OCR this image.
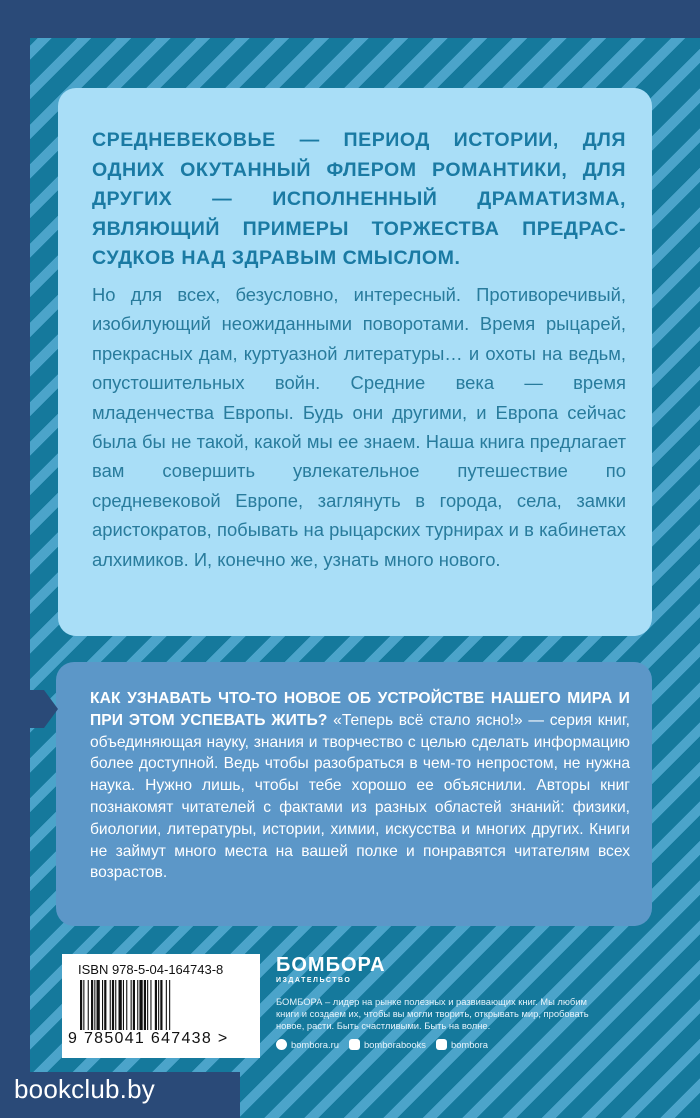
СРЕДНЕВЕКОВЬЕ — ПЕРИОД ИСТОРИИ, ДЛЯ ОДНИХ ОКУТАННЫЙ ФЛЕРОМ РОМАНТИКИ, ДЛЯ ДРУГИХ — ИСПОЛНЕННЫЙ ДРАМАТИЗМА, ЯВЛЯЮЩИЙ ПРИМЕРЫ ТОРЖЕСТВА ПРЕДРАС-
СУДКОВ НАД ЗДРАВЫМ СМЫСЛОМ.

Но для всех, безусловно, интересный. Противоречивый, изобилующий неожиданными поворотами. Время рыцарей, прекрасных дам, куртуазной литературы… и охоты на ведьм, опустошительных войн. Средние века — время младенчества Европы. Будь они другими, и Европа сейчас была бы не такой, какой мы ее знаем. Наша книга предлагает вам совершить увлекательное путешествие по средневековой Европе, заглянуть в города, села, замки аристократов, побывать на рыцарских турнирах и в кабинетах алхимиков. И, конечно же, узнать много нового.

КАК УЗНАВАТЬ ЧТО-ТО НОВОЕ ОБ УСТРОЙСТВЕ НАШЕГО МИРА И ПРИ ЭТОМ УСПЕВАТЬ ЖИТЬ? «Теперь всё стало ясно!» — серия книг, объединяющая науку, знания и творчество с целью сделать информацию более доступной. Ведь чтобы разобраться в чем-то непростом, не нужна наука. Нужно лишь, чтобы тебе хорошо ее объяснили. Авторы книг познакомят читателей с фактами из разных областей знаний: физики, биологии, литературы, истории, химии, искусства и многих других. Книги не займут много места на вашей полке и понравятся читателям всех возрастов.

ISBN 978-5-04-164743-8
9 785041 647438 >
БОМБОРА
ИЗДАТЕЛЬСТВО
БОМБОРА – лидер на рынке полезных и развивающих книг. Мы любим книги и создаем их, чтобы вы могли творить, открывать мир, пробовать новое, расти. Быть счастливыми. Быть на волне.
bombora.ru	bomborabooks	bombora
bookclub.by
